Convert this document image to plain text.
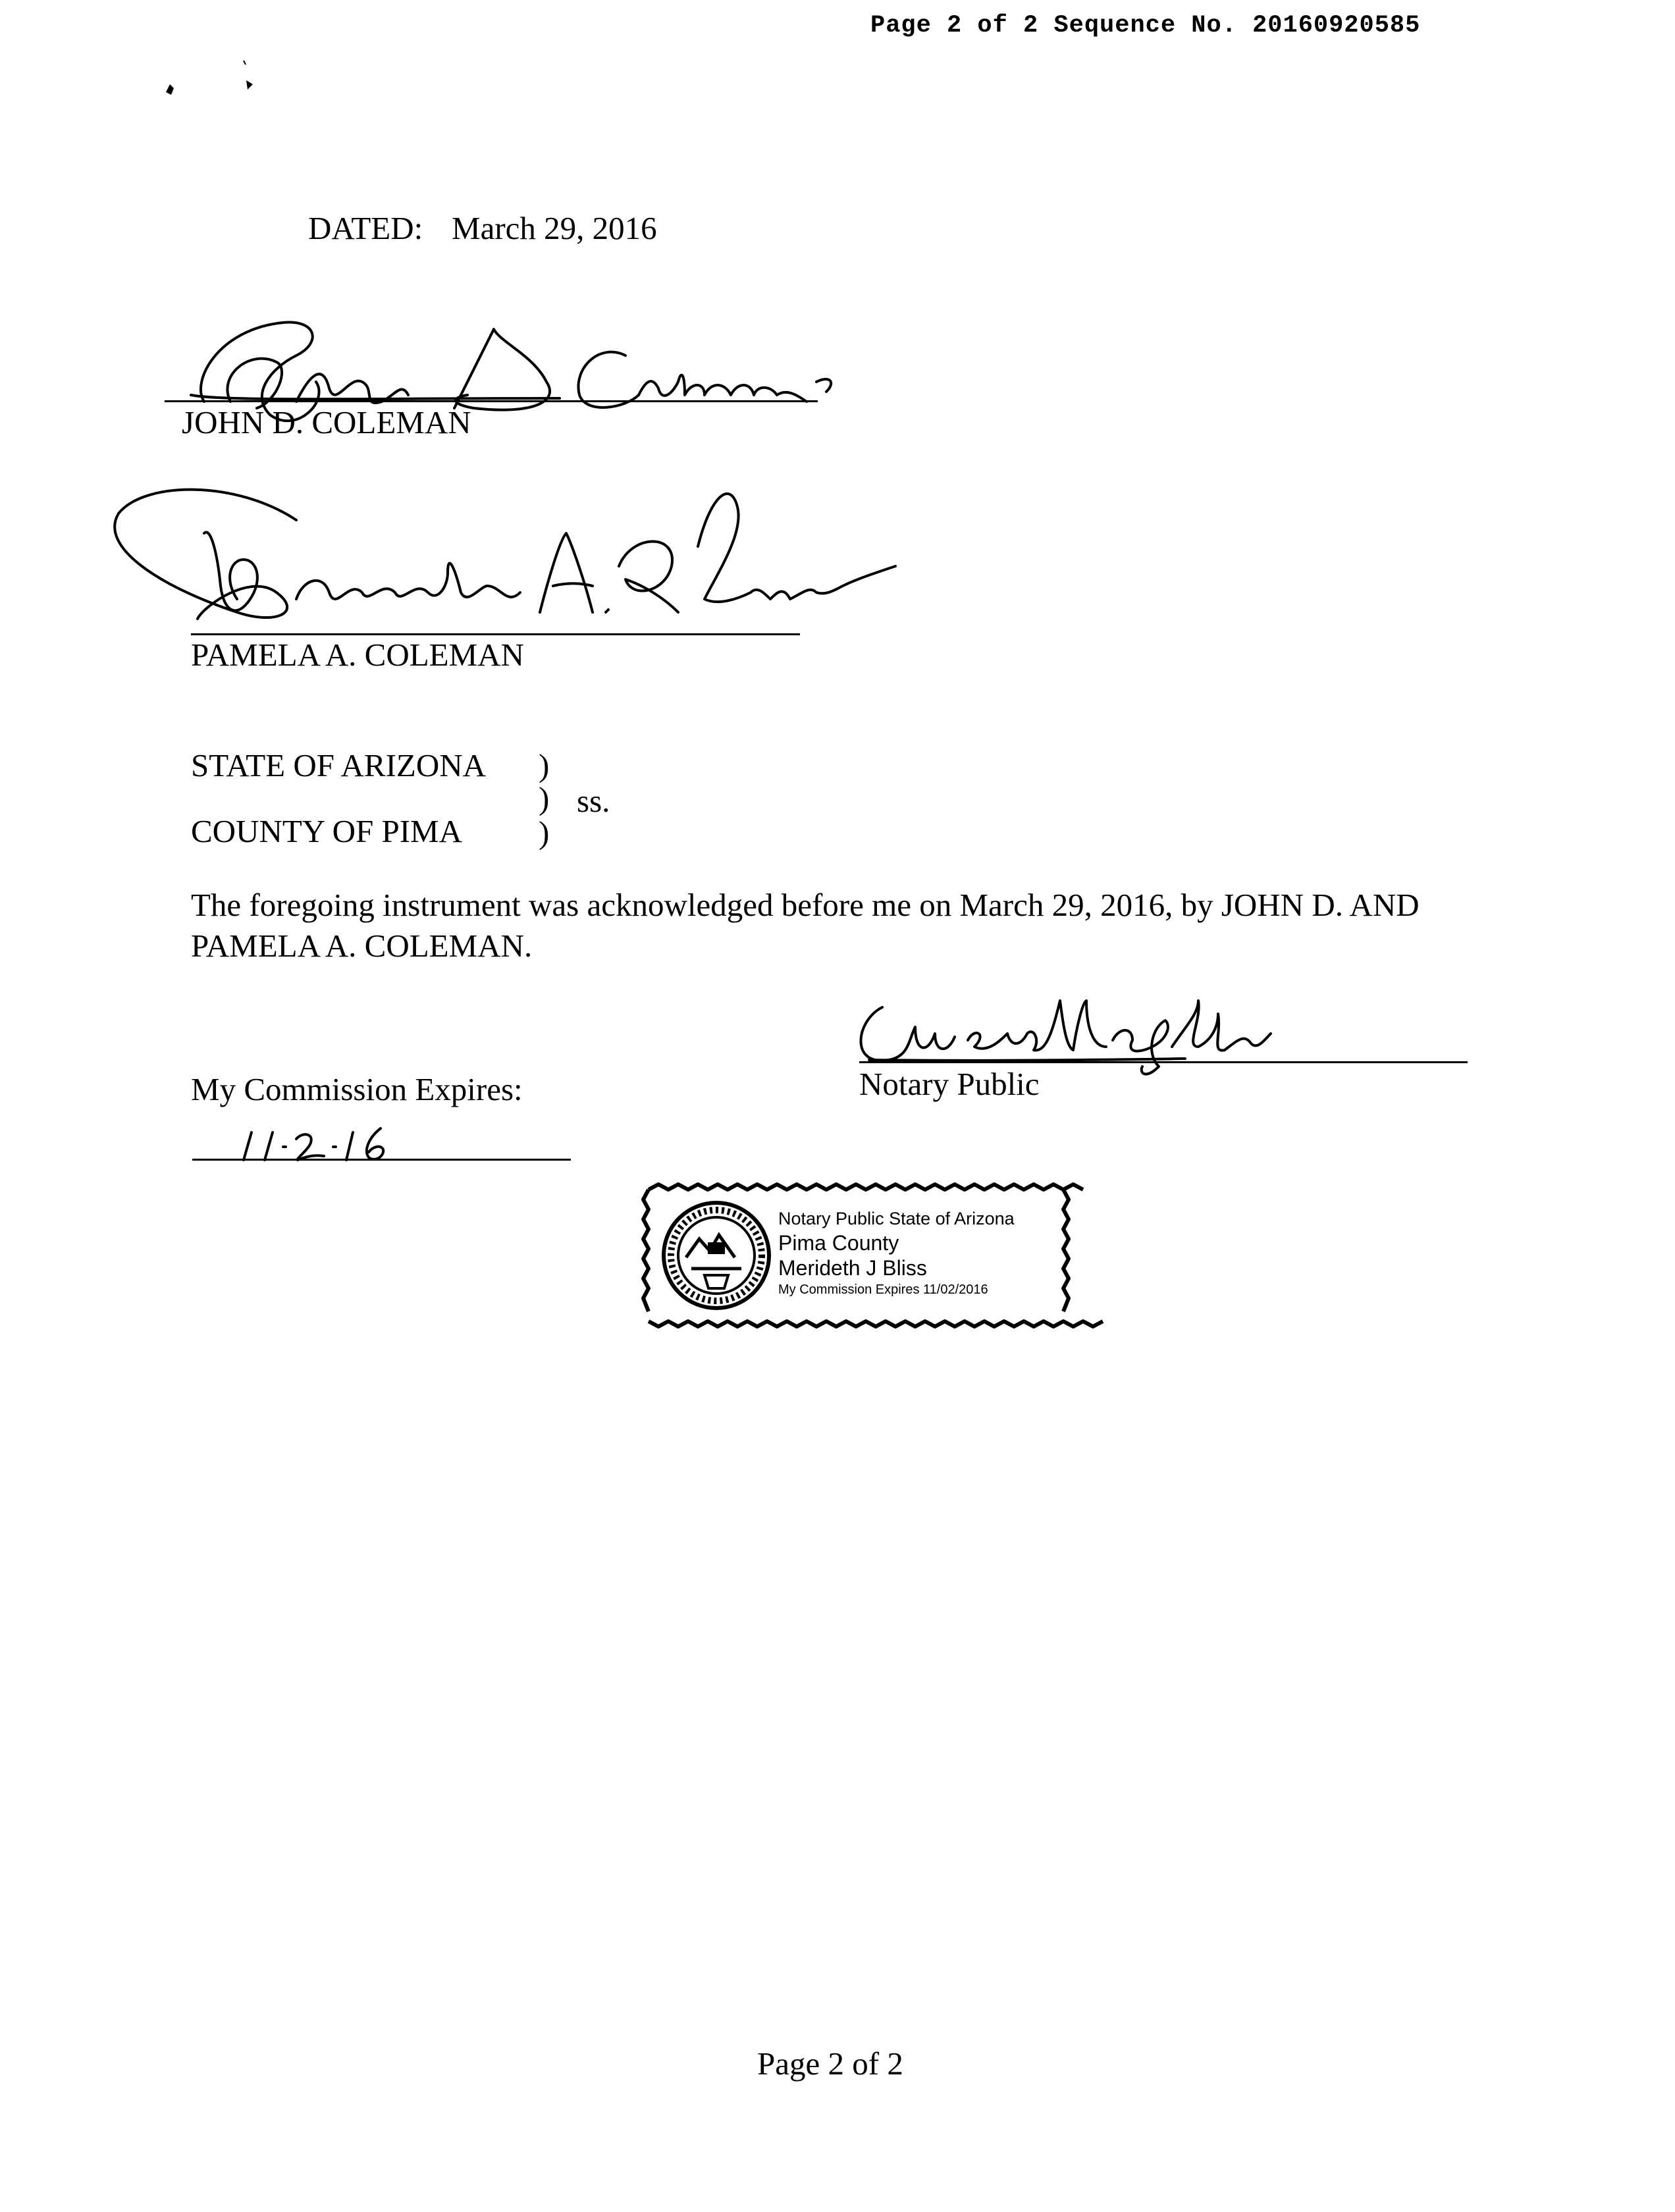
Page 2 of 2 Sequence No. 20160920585
DATED: March 29, 2016
JOHN D. COLEMAN
PAMELA A. COLEMAN
STATE OF ARIZONA )
) ss.
COUNTY OF PIMA )
The foregoing instrument was acknowledged before me on March 29, 2016, by JOHN D. AND
PAMELA A. COLEMAN.
Notary Public
My Commission Expires:
Notary Public State of Arizona
Pima County
Merideth J Bliss
My Commission Expires 11/02/2016
Page 2 of 2
